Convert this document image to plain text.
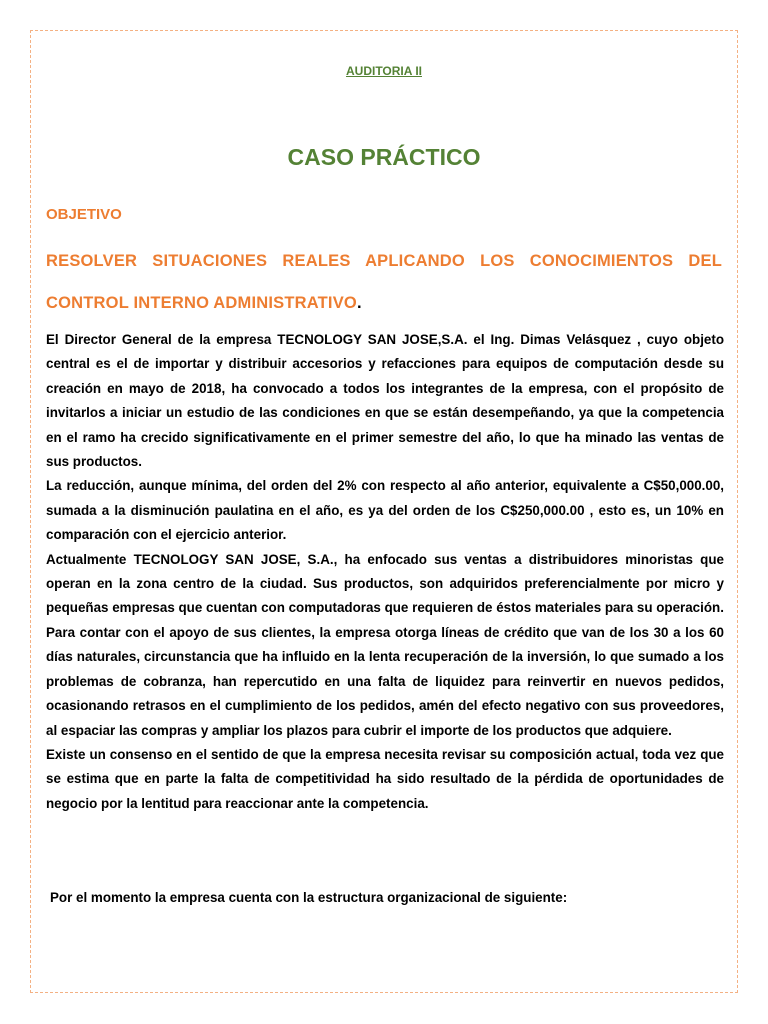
AUDITORIA II
CASO PRÁCTICO
OBJETIVO
RESOLVER SITUACIONES REALES APLICANDO LOS CONOCIMIENTOS DEL CONTROL INTERNO ADMINISTRATIVO.

El Director General de la empresa TECNOLOGY SAN JOSE,S.A. el Ing. Dimas Velásquez , cuyo objeto central es el de importar y distribuir accesorios y refacciones para equipos de computación desde su creación en mayo de 2018, ha convocado a todos los integrantes de la empresa, con el propósito de invitarlos a iniciar un estudio de las condiciones en que se están desempeñando, ya que la competencia en el ramo ha crecido significativamente en el primer semestre del año, lo que ha minado las ventas de sus productos.

La reducción, aunque mínima, del orden del 2% con respecto al año anterior, equivalente a C$50,000.00, sumada a la disminución paulatina en el año, es ya del orden de los C$250,000.00 , esto es, un 10% en comparación con el ejercicio anterior.

Actualmente TECNOLOGY SAN JOSE, S.A., ha enfocado sus ventas a distribuidores minoristas que operan en la zona centro de la ciudad. Sus productos, son adquiridos preferencialmente por micro y pequeñas empresas que cuentan con computadoras que requieren de éstos materiales para su operación.

Para contar con el apoyo de sus clientes, la empresa otorga líneas de crédito que van de los 30 a los 60 días naturales, circunstancia que ha influido en la lenta recuperación de la inversión, lo que sumado a los problemas de cobranza, han repercutido en una falta de liquidez para reinvertir en nuevos pedidos, ocasionando retrasos en el cumplimiento de los pedidos, amén del efecto negativo con sus proveedores, al espaciar las compras y ampliar los plazos para cubrir el importe de los productos que adquiere.

Existe un consenso en el sentido de que la empresa necesita revisar su composición actual, toda vez que se estima que en parte la falta de competitividad ha sido resultado de la pérdida de oportunidades de negocio por la lentitud para reaccionar ante la competencia.

Por el momento la empresa cuenta con la estructura organizacional de siguiente:
